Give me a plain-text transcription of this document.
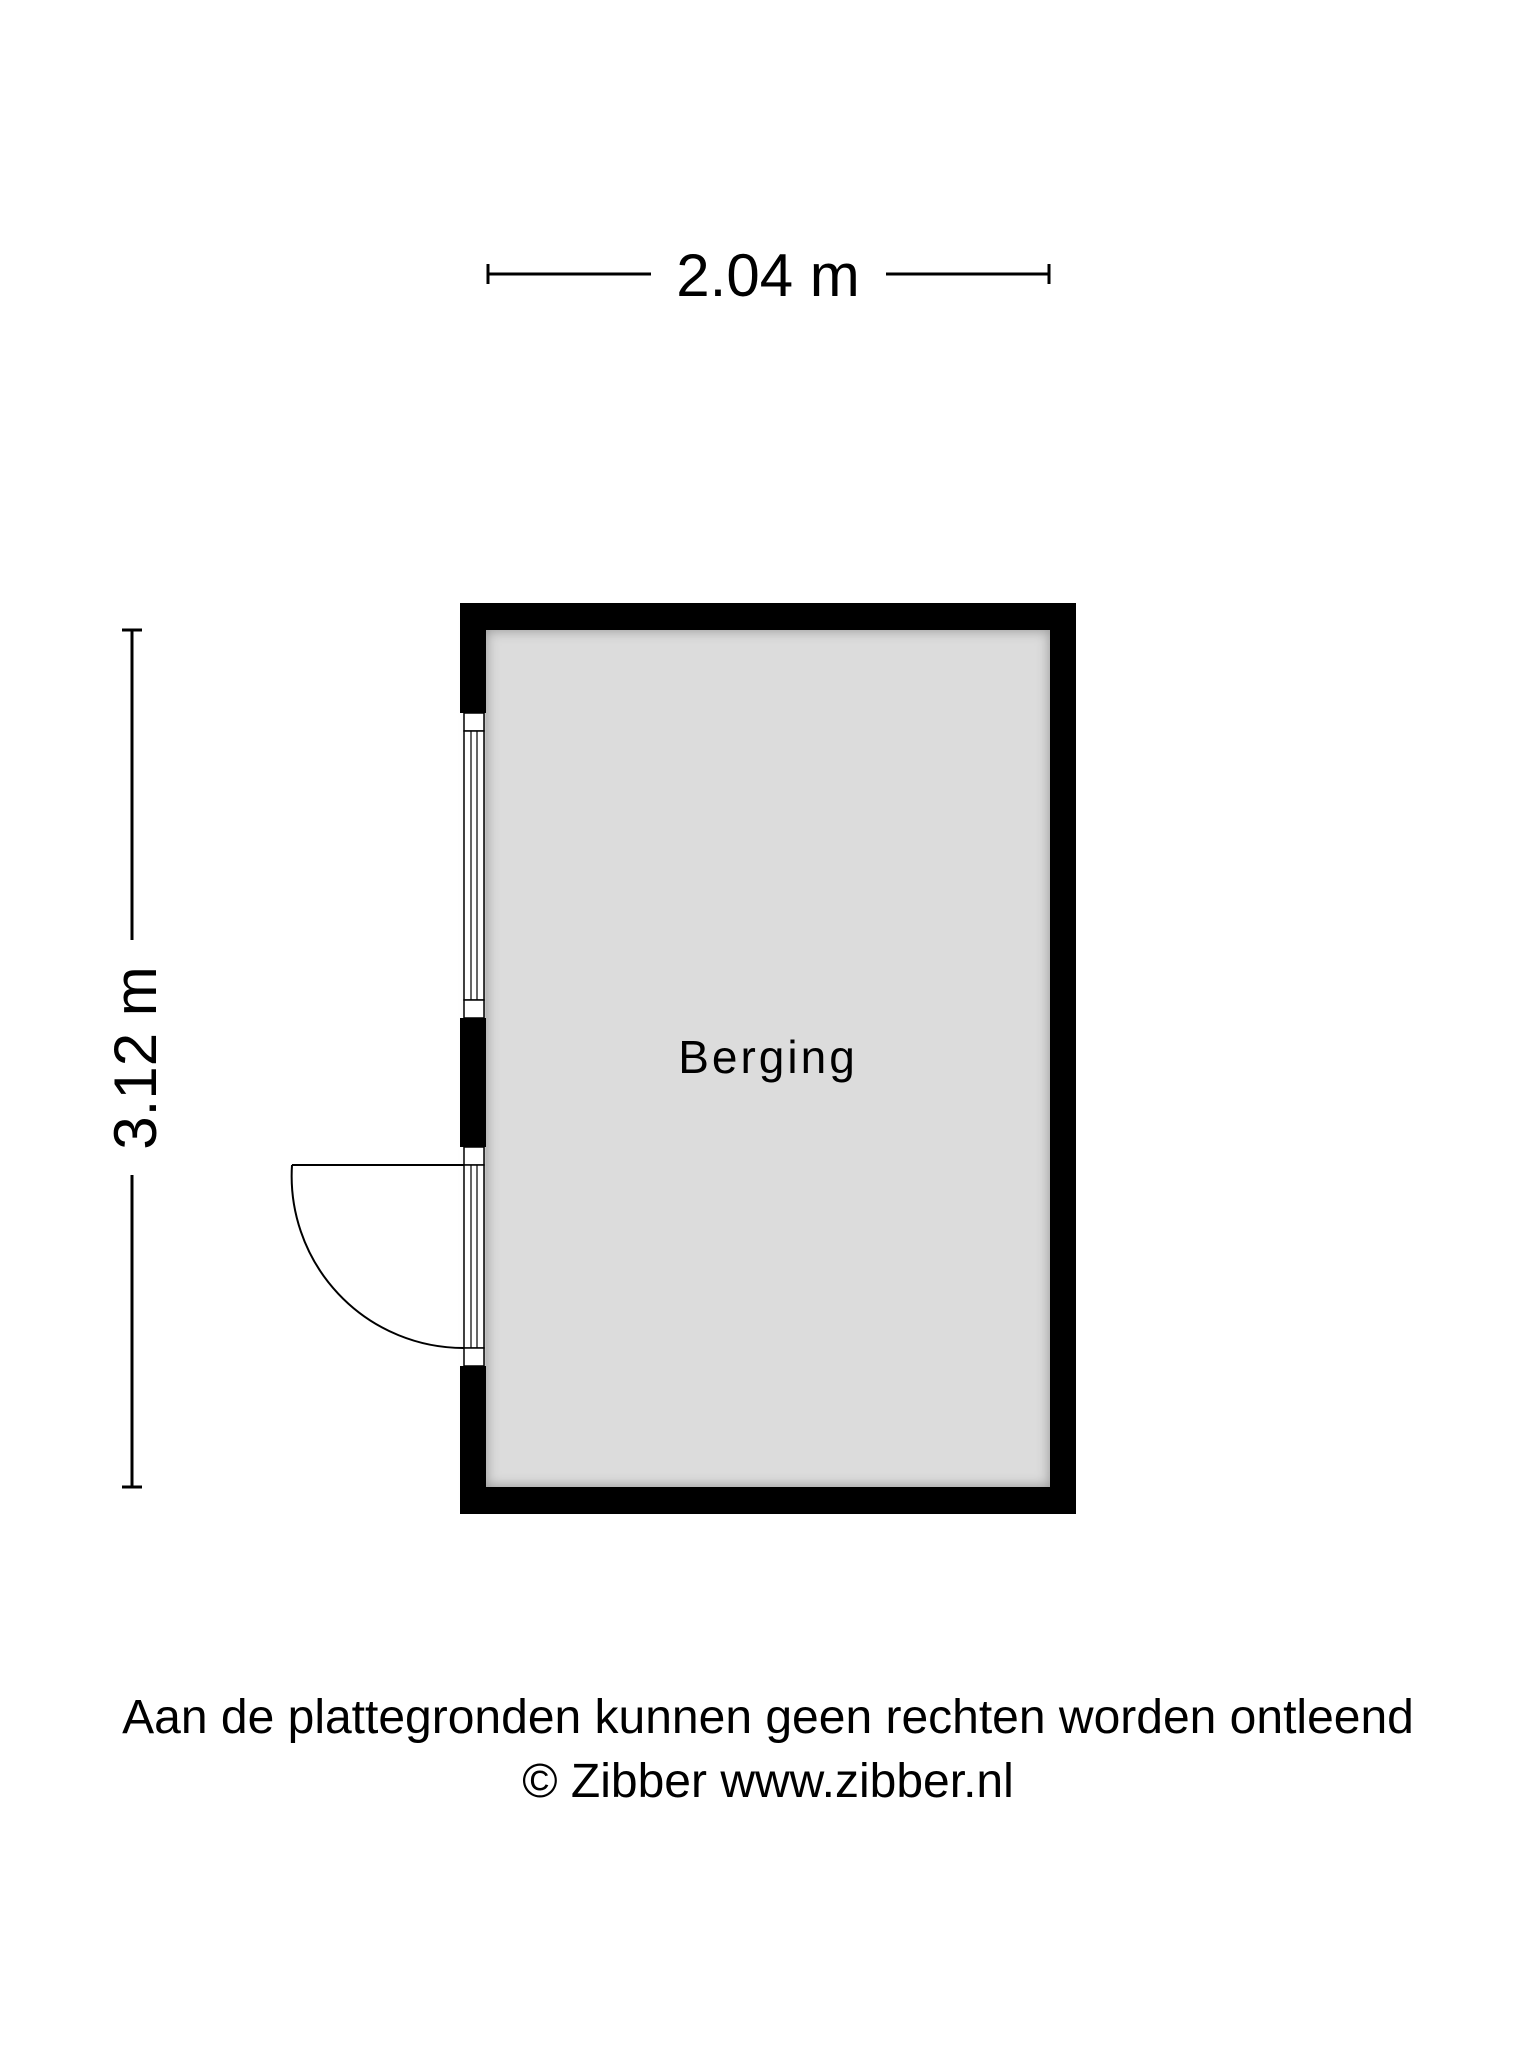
2.04 m
3.12 m	Berging
Aan de plattegronden kunnen geen rechten worden ontleend
© Zibber www.zibber.nl
